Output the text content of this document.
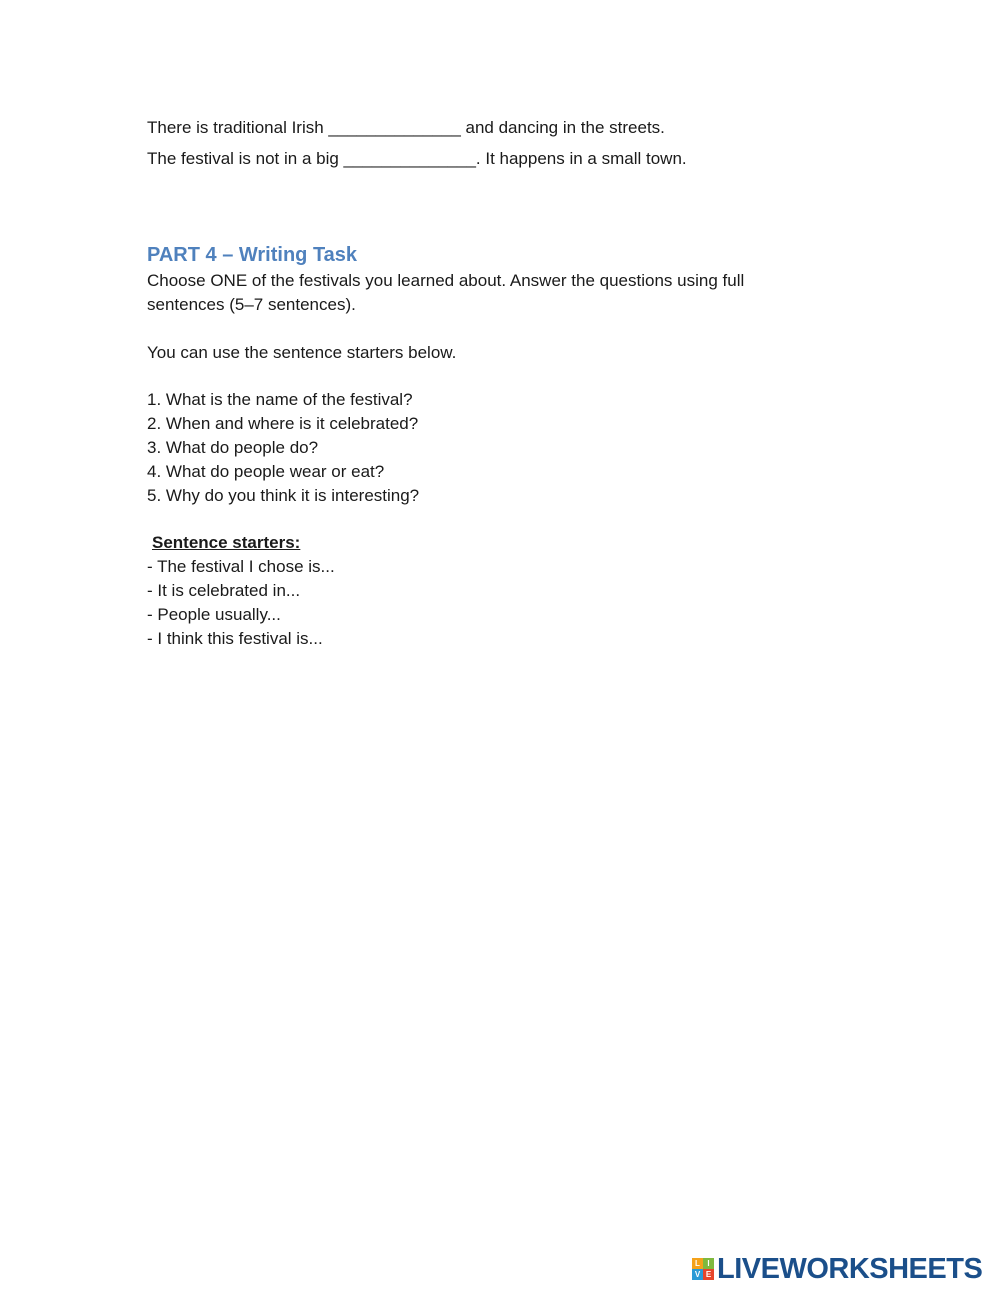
There is traditional Irish ______________ and dancing in the streets.
The festival is not in a big ______________. It happens in a small town.
PART 4 – Writing Task
Choose ONE of the festivals you learned about. Answer the questions using full
sentences (5–7 sentences).
You can use the sentence starters below.
1. What is the name of the festival?
2. When and where is it celebrated?
3. What do people do?
4. What do people wear or eat?
5. Why do you think it is interesting?
Sentence starters:
- The festival I chose is...
- It is celebrated in...
- People usually...
- I think this festival is...
L I
V E LIVEWORKSHEETS
